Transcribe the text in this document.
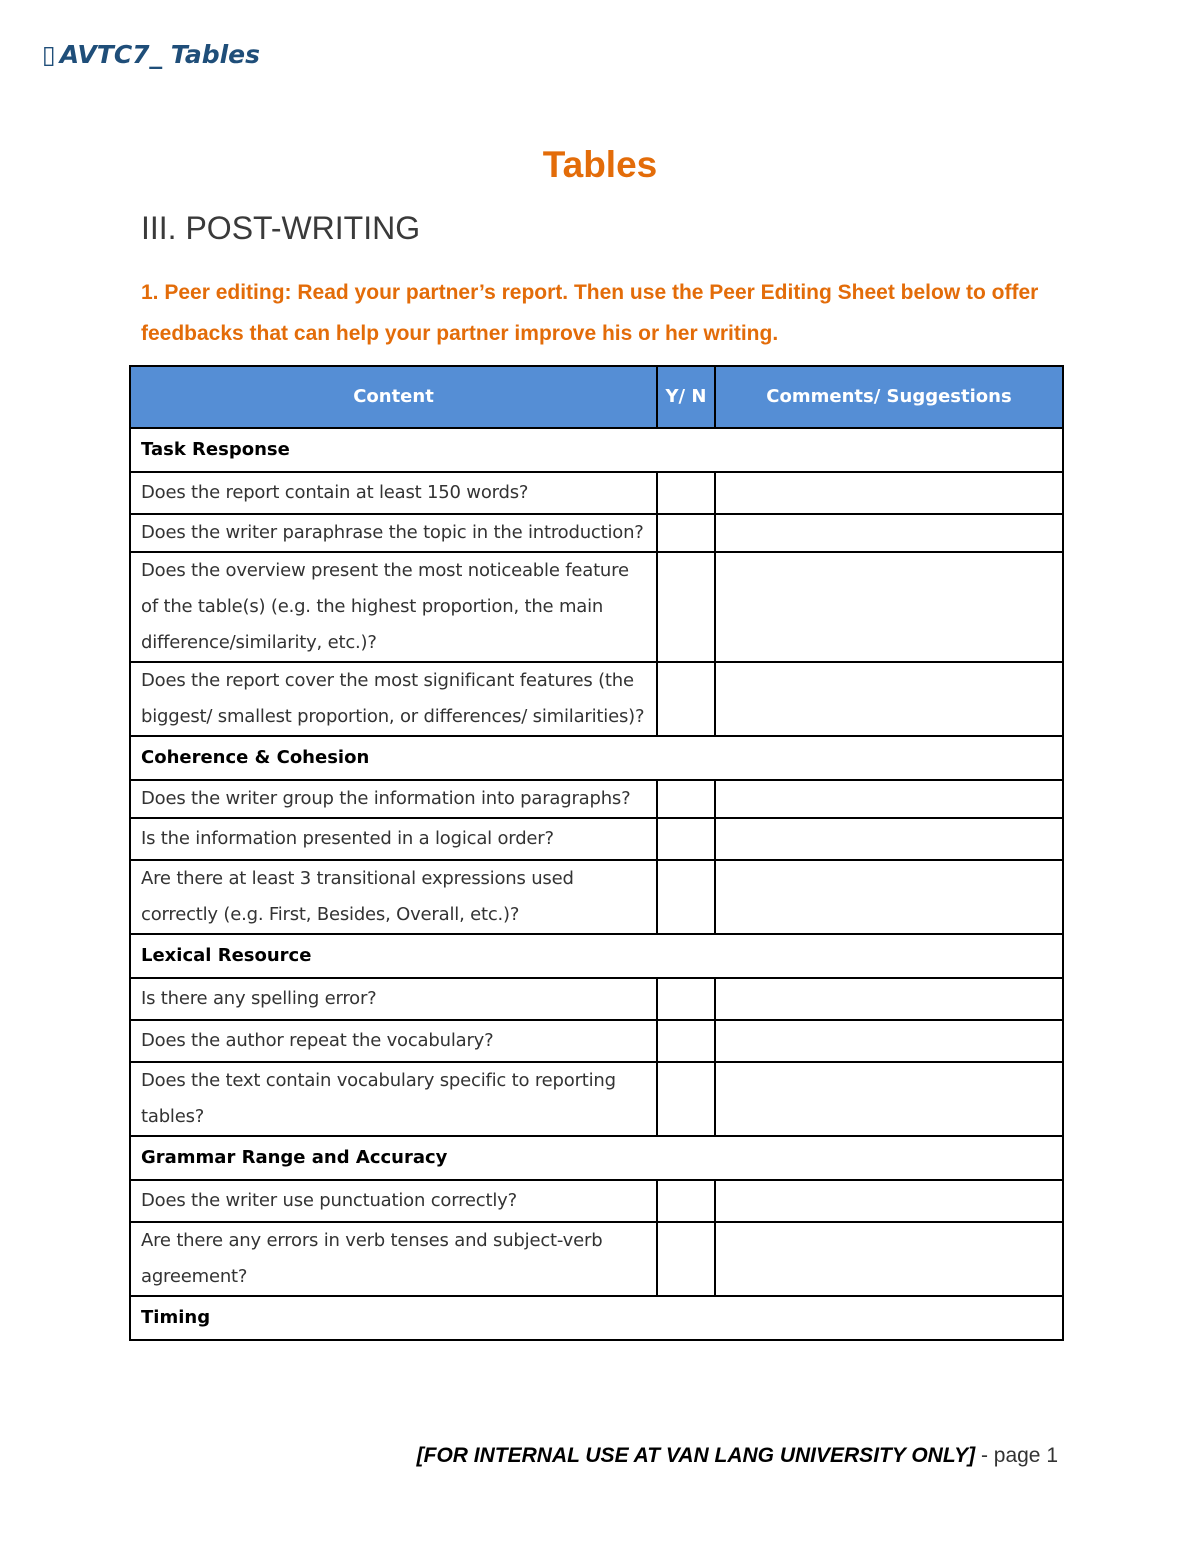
▯ AVTC7_ Tables
Tables
III. POST-WRITING
1. Peer editing: Read your partner’s report. Then use the Peer Editing Sheet below to offer feedbacks that can help your partner improve his or her writing.
Content	Y/ N	Comments/ Suggestions
Task Response		
Does the report contain at least 150 words?		
Does the writer paraphrase the topic in the introduction?		
Does the overview present the most noticeable feature of the table(s) (e.g. the highest proportion, the main difference/similarity, etc.)?		
Does the report cover the most significant features (the biggest/ smallest proportion, or differences/ similarities)?		
Coherence & Cohesion		
Does the writer group the information into paragraphs?		
Is the information presented in a logical order?		
Are there at least 3 transitional expressions used correctly (e.g. First, Besides, Overall, etc.)?		
Lexical Resource		
Is there any spelling error?		
Does the author repeat the vocabulary?		
Does the text contain vocabulary specific to reporting tables?		
Grammar Range and Accuracy		
Does the writer use punctuation correctly?		
Are there any errors in verb tenses and subject-verb agreement?		
Timing		
[FOR INTERNAL USE AT VAN LANG UNIVERSITY ONLY] - page 1
